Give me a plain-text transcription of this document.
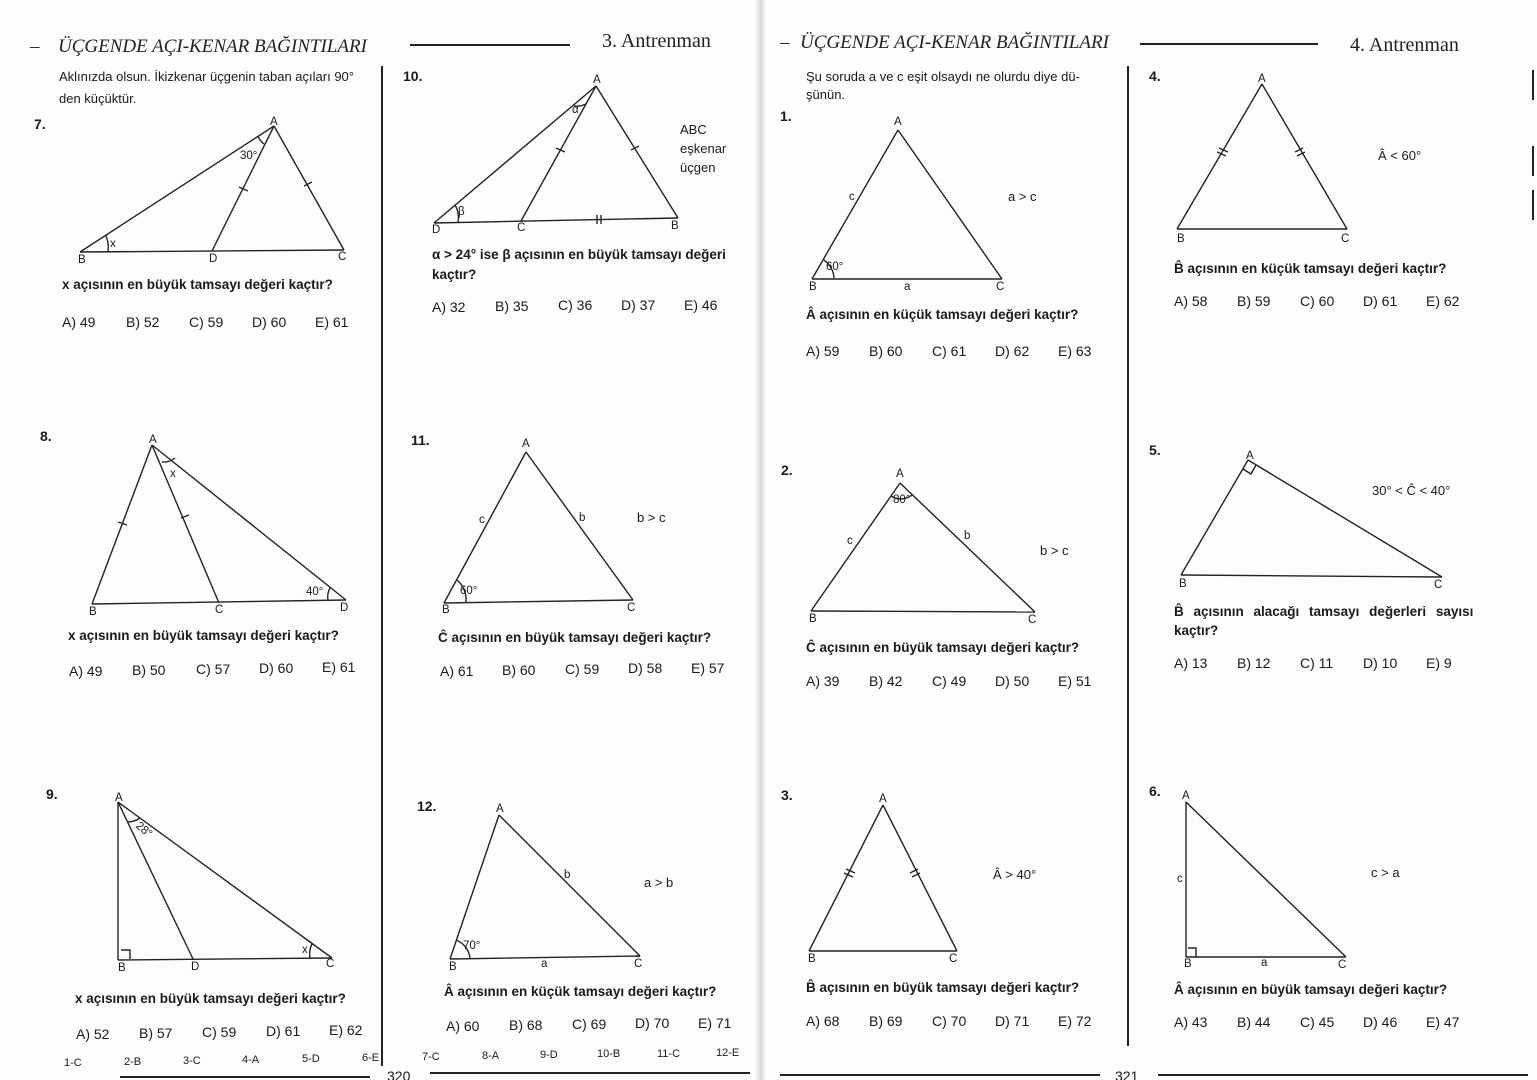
– ÜÇGENDE AÇI-KENAR BAĞINTILARI	3. Antrenman
Aklınızda olsun. İkizkenar üçgenin taban açıları 90°
den küçüktür.
7.	A
B	C
D
30°
x
x açısının en büyük tamsayı değeri kaçtır?
A) 49 B) 52 C) 59 D) 60 E) 61
8.	A
B	C	D
x
40°
x açısının en büyük tamsayı değeri kaçtır?
A) 49 B) 50 C) 57 D) 60 E) 61
9.	A
B	C
D
28°
x
x açısının en büyük tamsayı değeri kaçtır?
A) 52 B) 57 C) 59 D) 61 E) 62
10.	A
B
C
D
α
β
ABC
eşkenar
üçgen
α > 24° ise β açısının en büyük tamsayı değeri
kaçtır?
A) 32 B) 35 C) 36 D) 37 E) 46
11.	A
B	C
b
c
60°
b > c
Ĉ açısının en büyük tamsayı değeri kaçtır?
A) 61 B) 60 C) 59 D) 58 E) 57
12.	A
B	C
a
b
70°
a > b
Â açısının en küçük tamsayı değeri kaçtır?
A) 60 B) 68 C) 69 D) 70 E) 71
1-C	2-B	3-C	4-A	5-D	6-E	7-C	8-A	9-D	10-B	11-C	12-E
320
– ÜÇGENDE AÇI-KENAR BAĞINTILARI	4. Antrenman
Şu soruda a ve c eşit olsaydı ne olurdu diye dü-
şünün.
1.	A
B	C
a
c
60°
a > c
Â açısının en küçük tamsayı değeri kaçtır?
A) 59 B) 60 C) 61 D) 62 E) 63
2.	A
B	C
b
c
80°
b > c
Ĉ açısının en büyük tamsayı değeri kaçtır?
A) 39 B) 42 C) 49 D) 50 E) 51
3.	A
B	C
Â > 40°
B̂ açısının en büyük tamsayı değeri kaçtır?
A) 68 B) 69 C) 70 D) 71 E) 72
4.	A
B	C
Â < 60°
B̂ açısının en küçük tamsayı değeri kaçtır?
A) 58 B) 59 C) 60 D) 61 E) 62
5.	A
B	C
30° < Ĉ < 40°
B̂ açısının alacağı tamsayı değerleri sayısı
kaçtır?
A) 13 B) 12 C) 11 D) 10 E) 9
6. A
B	C
a
c	c > a
Â açısının en büyük tamsayı değeri kaçtır?
A) 43 B) 44 C) 45 D) 46 E) 47
321
